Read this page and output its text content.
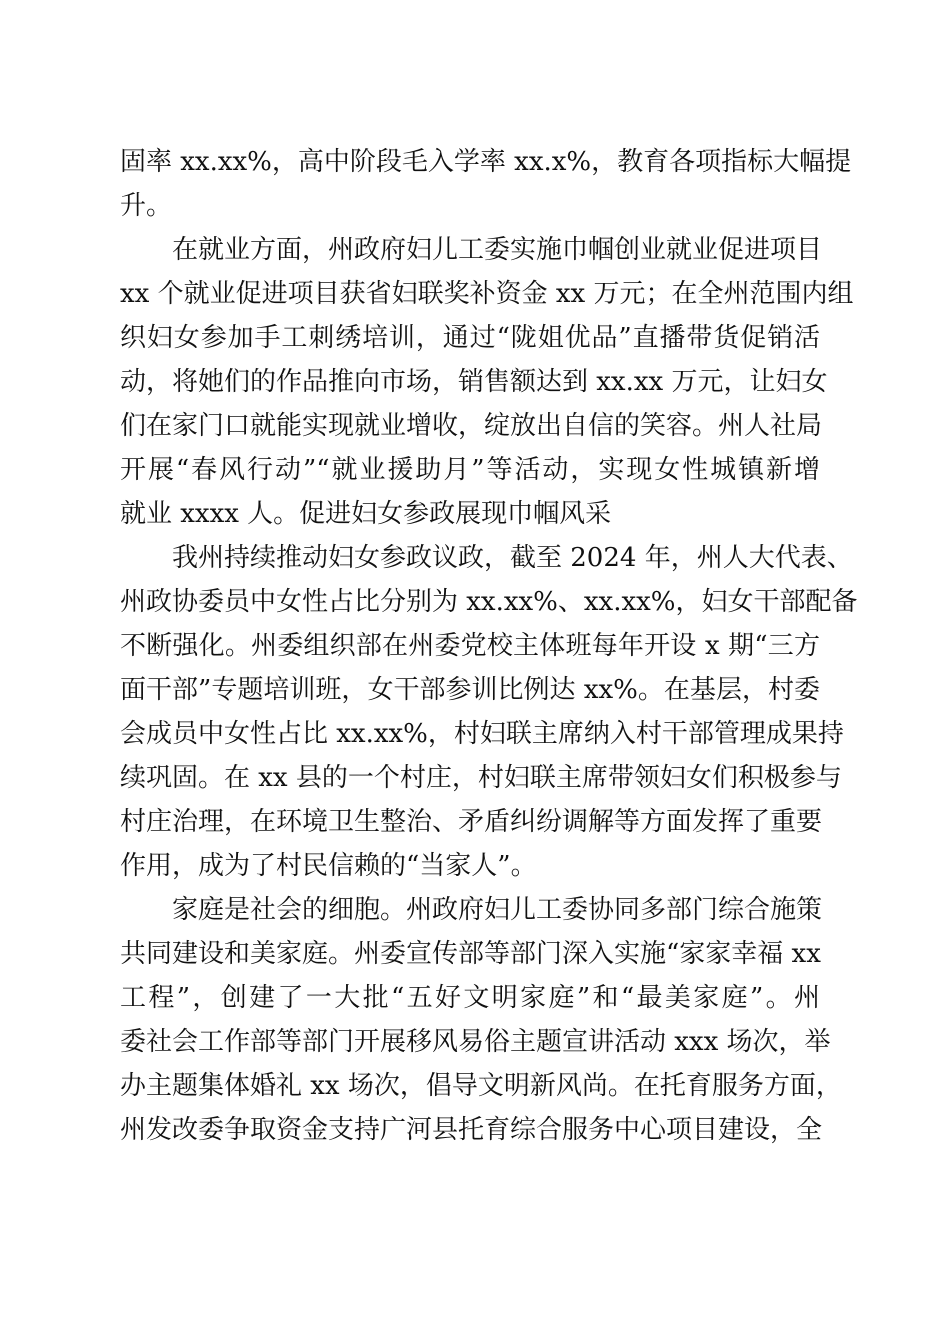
固率 xx.xx%，高中阶段毛入学率 xx.x%，教育各项指标大幅提
升。
在就业方面，州政府妇儿工委实施巾帼创业就业促进项目
xx 个就业促进项目获省妇联奖补资金 xx 万元；在全州范围内组
织妇女参加手工刺绣培训，通过“陇姐优品”直播带货促销活
动，将她们的作品推向市场，销售额达到 xx.xx 万元，让妇女
们在家门口就能实现就业增收，绽放出自信的笑容。州人社局
开展“春风行动”“就业援助月”等活动，实现女性城镇新增
就业 xxxx 人。促进妇女参政展现巾帼风采
我州持续推动妇女参政议政，截至 2024 年，州人大代表、
州政协委员中女性占比分别为 xx.xx%、xx.xx%，妇女干部配备
不断强化。州委组织部在州委党校主体班每年开设 x 期“三方
面干部”专题培训班，女干部参训比例达 xx%。在基层，村委
会成员中女性占比 xx.xx%，村妇联主席纳入村干部管理成果持
续巩固。在 xx 县的一个村庄，村妇联主席带领妇女们积极参与
村庄治理，在环境卫生整治、矛盾纠纷调解等方面发挥了重要
作用，成为了村民信赖的“当家人”。
家庭是社会的细胞。州政府妇儿工委协同多部门综合施策
共同建设和美家庭。州委宣传部等部门深入实施“家家幸福 xx
工程”，创建了一大批“五好文明家庭”和“最美家庭”。州
委社会工作部等部门开展移风易俗主题宣讲活动 xxx 场次，举
办主题集体婚礼 xx 场次，倡导文明新风尚。在托育服务方面，
州发改委争取资金支持广河县托育综合服务中心项目建设，全
